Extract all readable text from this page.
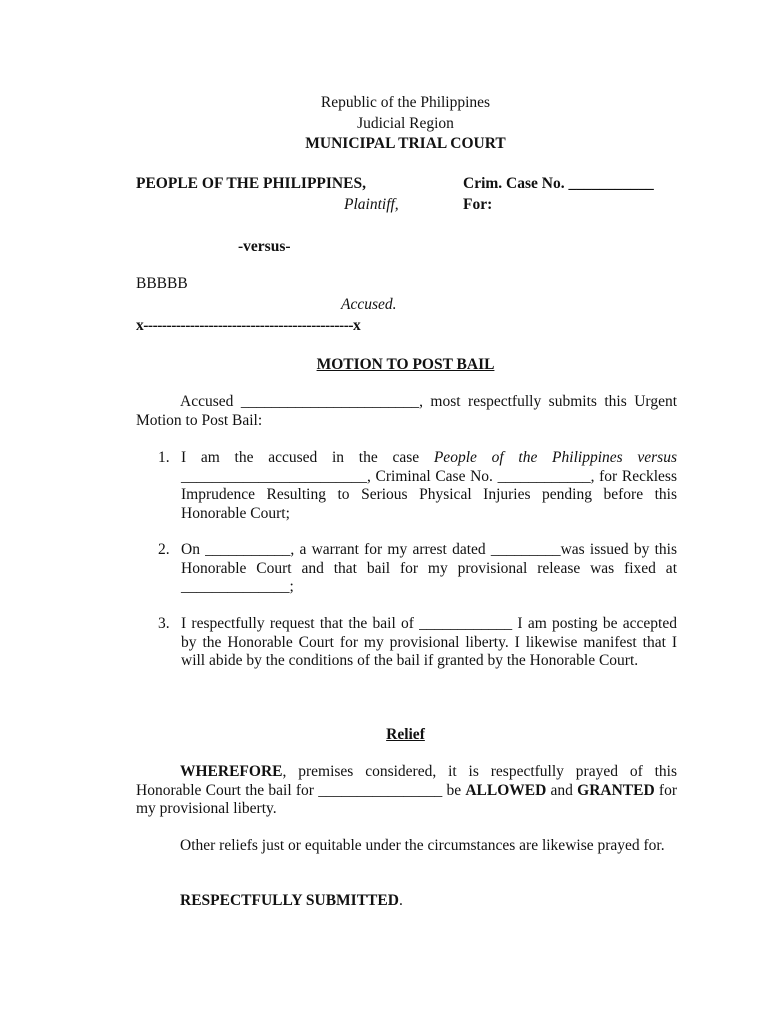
Republic of the Philippines
Judicial Region
MUNICIPAL TRIAL COURT
PEOPLE OF THE PHILIPPINES,
Plaintiff,
Crim. Case No. ___________
For:
-versus-
BBBBB
Accused.
x---------------------------------------------x
MOTION TO POST BAIL
Accused _______________________, most respectfully submits this Urgent Motion to Post Bail:
1. I am the accused in the case People of the Philippines versus ________________________, Criminal Case No. ____________, for Reckless Imprudence Resulting to Serious Physical Injuries pending before this Honorable Court;
2. On ___________, a warrant for my arrest dated _________was issued by this Honorable Court and that bail for my provisional release was fixed at ______________;
3. I respectfully request that the bail of ____________ I am posting be accepted by the Honorable Court for my provisional liberty. I likewise manifest that I will abide by the conditions of the bail if granted by the Honorable Court.
Relief
WHEREFORE, premises considered, it is respectfully prayed of this Honorable Court the bail for ________________ be ALLOWED and GRANTED for my provisional liberty.
Other reliefs just or equitable under the circumstances are likewise prayed for.
RESPECTFULLY SUBMITTED.
